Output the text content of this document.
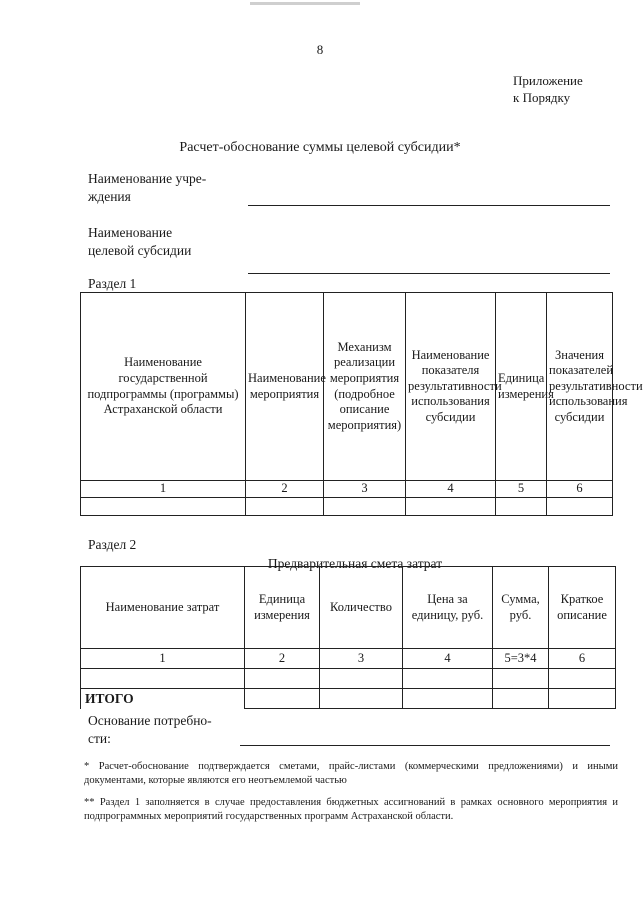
8
Приложение
к Порядку
Расчет-обоснование суммы целевой субсидии*
Наименование учре-
ждения
Наименование
целевой субсидии
Раздел 1
Наименование государственной подпрограммы (программы) Астраханской области	Наименование мероприятия	Механизм реализации мероприятия (подробное описание мероприятия)	Наименование показателя результативности использования субсидии	Единица измерения	Значения показателей результативности использования субсидии
1	2	3	4	5	6

Раздел 2
Предварительная смета затрат
Наименование затрат	Единица измерения	Количество	Цена за единицу, руб.	Сумма, руб.	Краткое описание
1	2	3	4	5=3*4	6

ИТОГО					
Основание потребно-
сти:
* Расчет-обоснование подтверждается сметами, прайс-листами (коммерческими предложениями) и иными документами, которые являются его неотъемлемой частью
** Раздел 1 заполняется в случае предоставления бюджетных ассигнований в рамках основного мероприятия и подпрограммных мероприятий государственных программ Астраханской области.
